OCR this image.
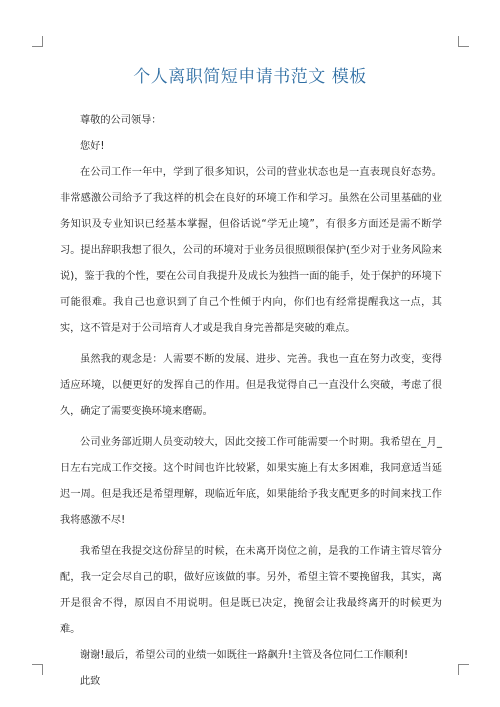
个人离职简短申请书范文 模板

尊敬的公司领导：

您好!

在公司工作一年中，学到了很多知识，公司的营业状态也是一直表现良好态势。非常感激公司给予了我这样的机会在良好的环境工作和学习。虽然在公司里基础的业务知识及专业知识已经基本掌握，但俗话说“学无止境”，有很多方面还是需不断学习。提出辞职我想了很久，公司的环境对于业务员很照顾很保护(至少对于业务风险来说)，鉴于我的个性，要在公司自我提升及成长为独挡一面的能手，处于保护的环境下可能很难。我自己也意识到了自己个性倾于内向，你们也有经常提醒我这一点，其实，这不管是对于公司培育人才或是我自身完善都是突破的难点。

虽然我的观念是：人需要不断的发展、进步、完善。我也一直在努力改变，变得适应环境，以便更好的发挥自己的作用。但是我觉得自己一直没什么突破，考虑了很久，确定了需要变换环境来磨砺。

公司业务部近期人员变动较大，因此交接工作可能需要一个时期。我希望在_月_日左右完成工作交接。这个时间也许比较紧，如果实施上有太多困难，我同意适当延迟一周。但是我还是希望理解，现临近年底，如果能给予我支配更多的时间来找工作我将感激不尽!

我希望在我提交这份辞呈的时候，在未离开岗位之前，是我的工作请主管尽管分配，我一定会尽自己的职，做好应该做的事。另外，希望主管不要挽留我，其实，离开是很舍不得，原因自不用说明。但是既已决定，挽留会让我最终离开的时候更为难。

谢谢!最后，希望公司的业绩一如既往一路飙升!主管及各位同仁工作顺利!

此致
